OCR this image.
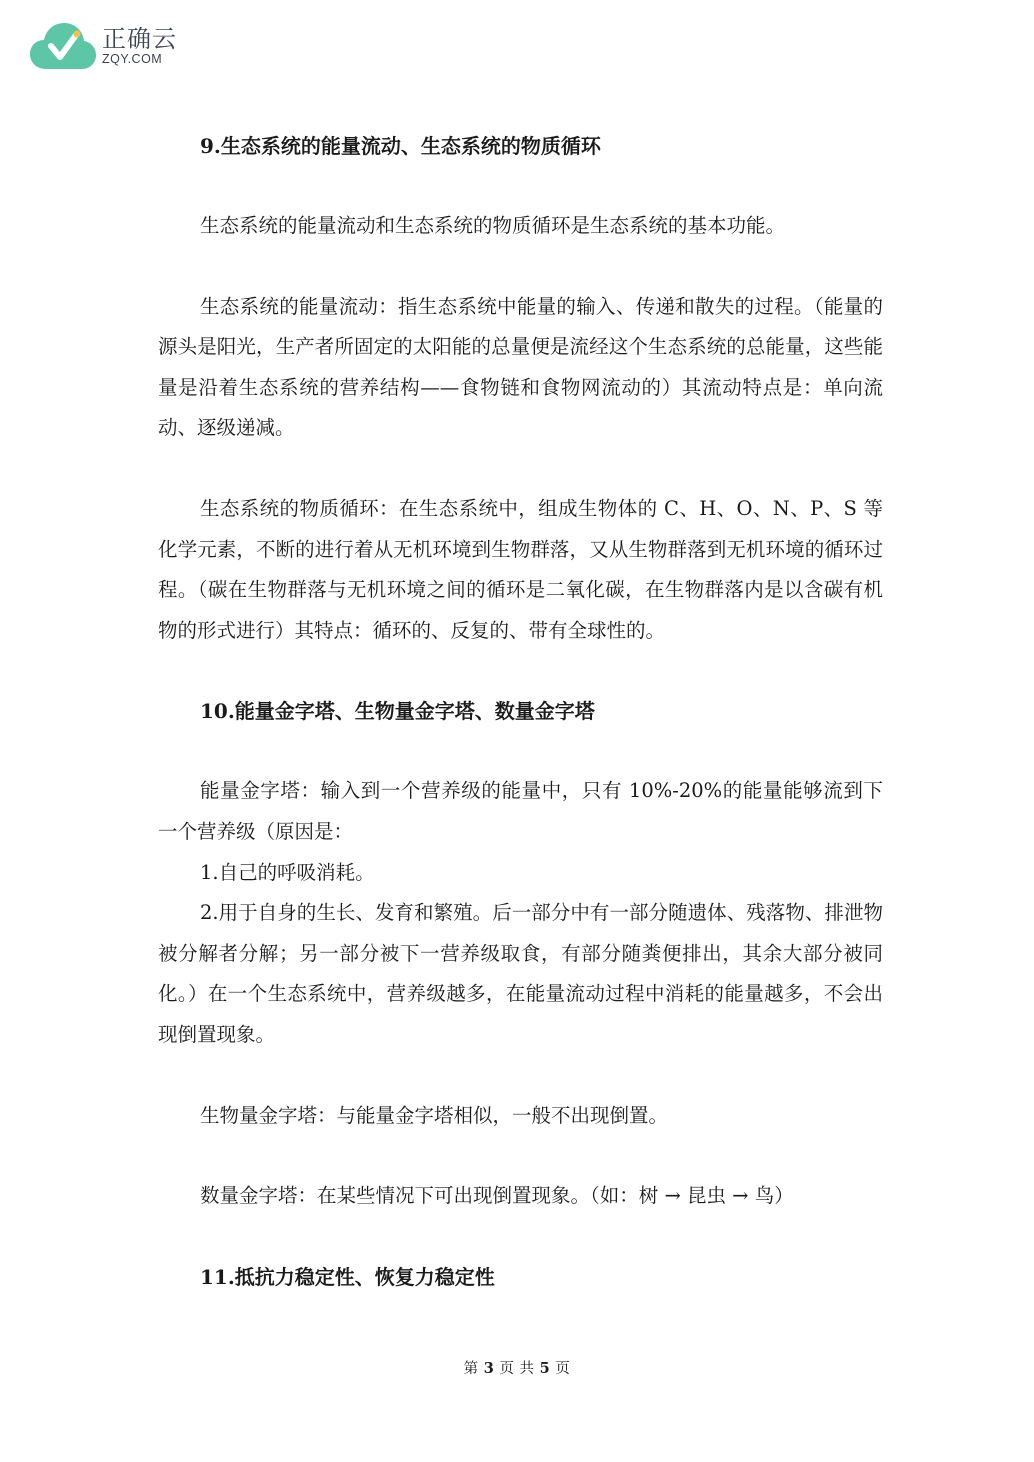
正确云
ZQY.COM
9.生态系统的能量流动、生态系统的物质循环

生态系统的能量流动和生态系统的物质循环是生态系统的基本功能。

生态系统的能量流动：指生态系统中能量的输入、传递和散失的过程。（能量的源头是阳光，生产者所固定的太阳能的总量便是流经这个生态系统的总能量，这些能量是沿着生态系统的营养结构——食物链和食物网流动的）其流动特点是：单向流动、逐级递减。

生态系统的物质循环：在生态系统中，组成生物体的 C、H、O、N、P、S 等化学元素，不断的进行着从无机环境到生物群落，又从生物群落到无机环境的循环过程。（碳在生物群落与无机环境之间的循环是二氧化碳，在生物群落内是以含碳有机物的形式进行）其特点：循环的、反复的、带有全球性的。

10.能量金字塔、生物量金字塔、数量金字塔

能量金字塔：输入到一个营养级的能量中，只有 10%-20%的能量能够流到下一个营养级（原因是：

1.自己的呼吸消耗。

2.用于自身的生长、发育和繁殖。后一部分中有一部分随遗体、残落物、排泄物被分解者分解；另一部分被下一营养级取食，有部分随粪便排出，其余大部分被同化。）在一个生态系统中，营养级越多，在能量流动过程中消耗的能量越多，不会出现倒置现象。

生物量金字塔：与能量金字塔相似，一般不出现倒置。

数量金字塔：在某些情况下可出现倒置现象。（如：树 → 昆虫 → 鸟）

11.抵抗力稳定性、恢复力稳定性
第 3 页 共 5 页
